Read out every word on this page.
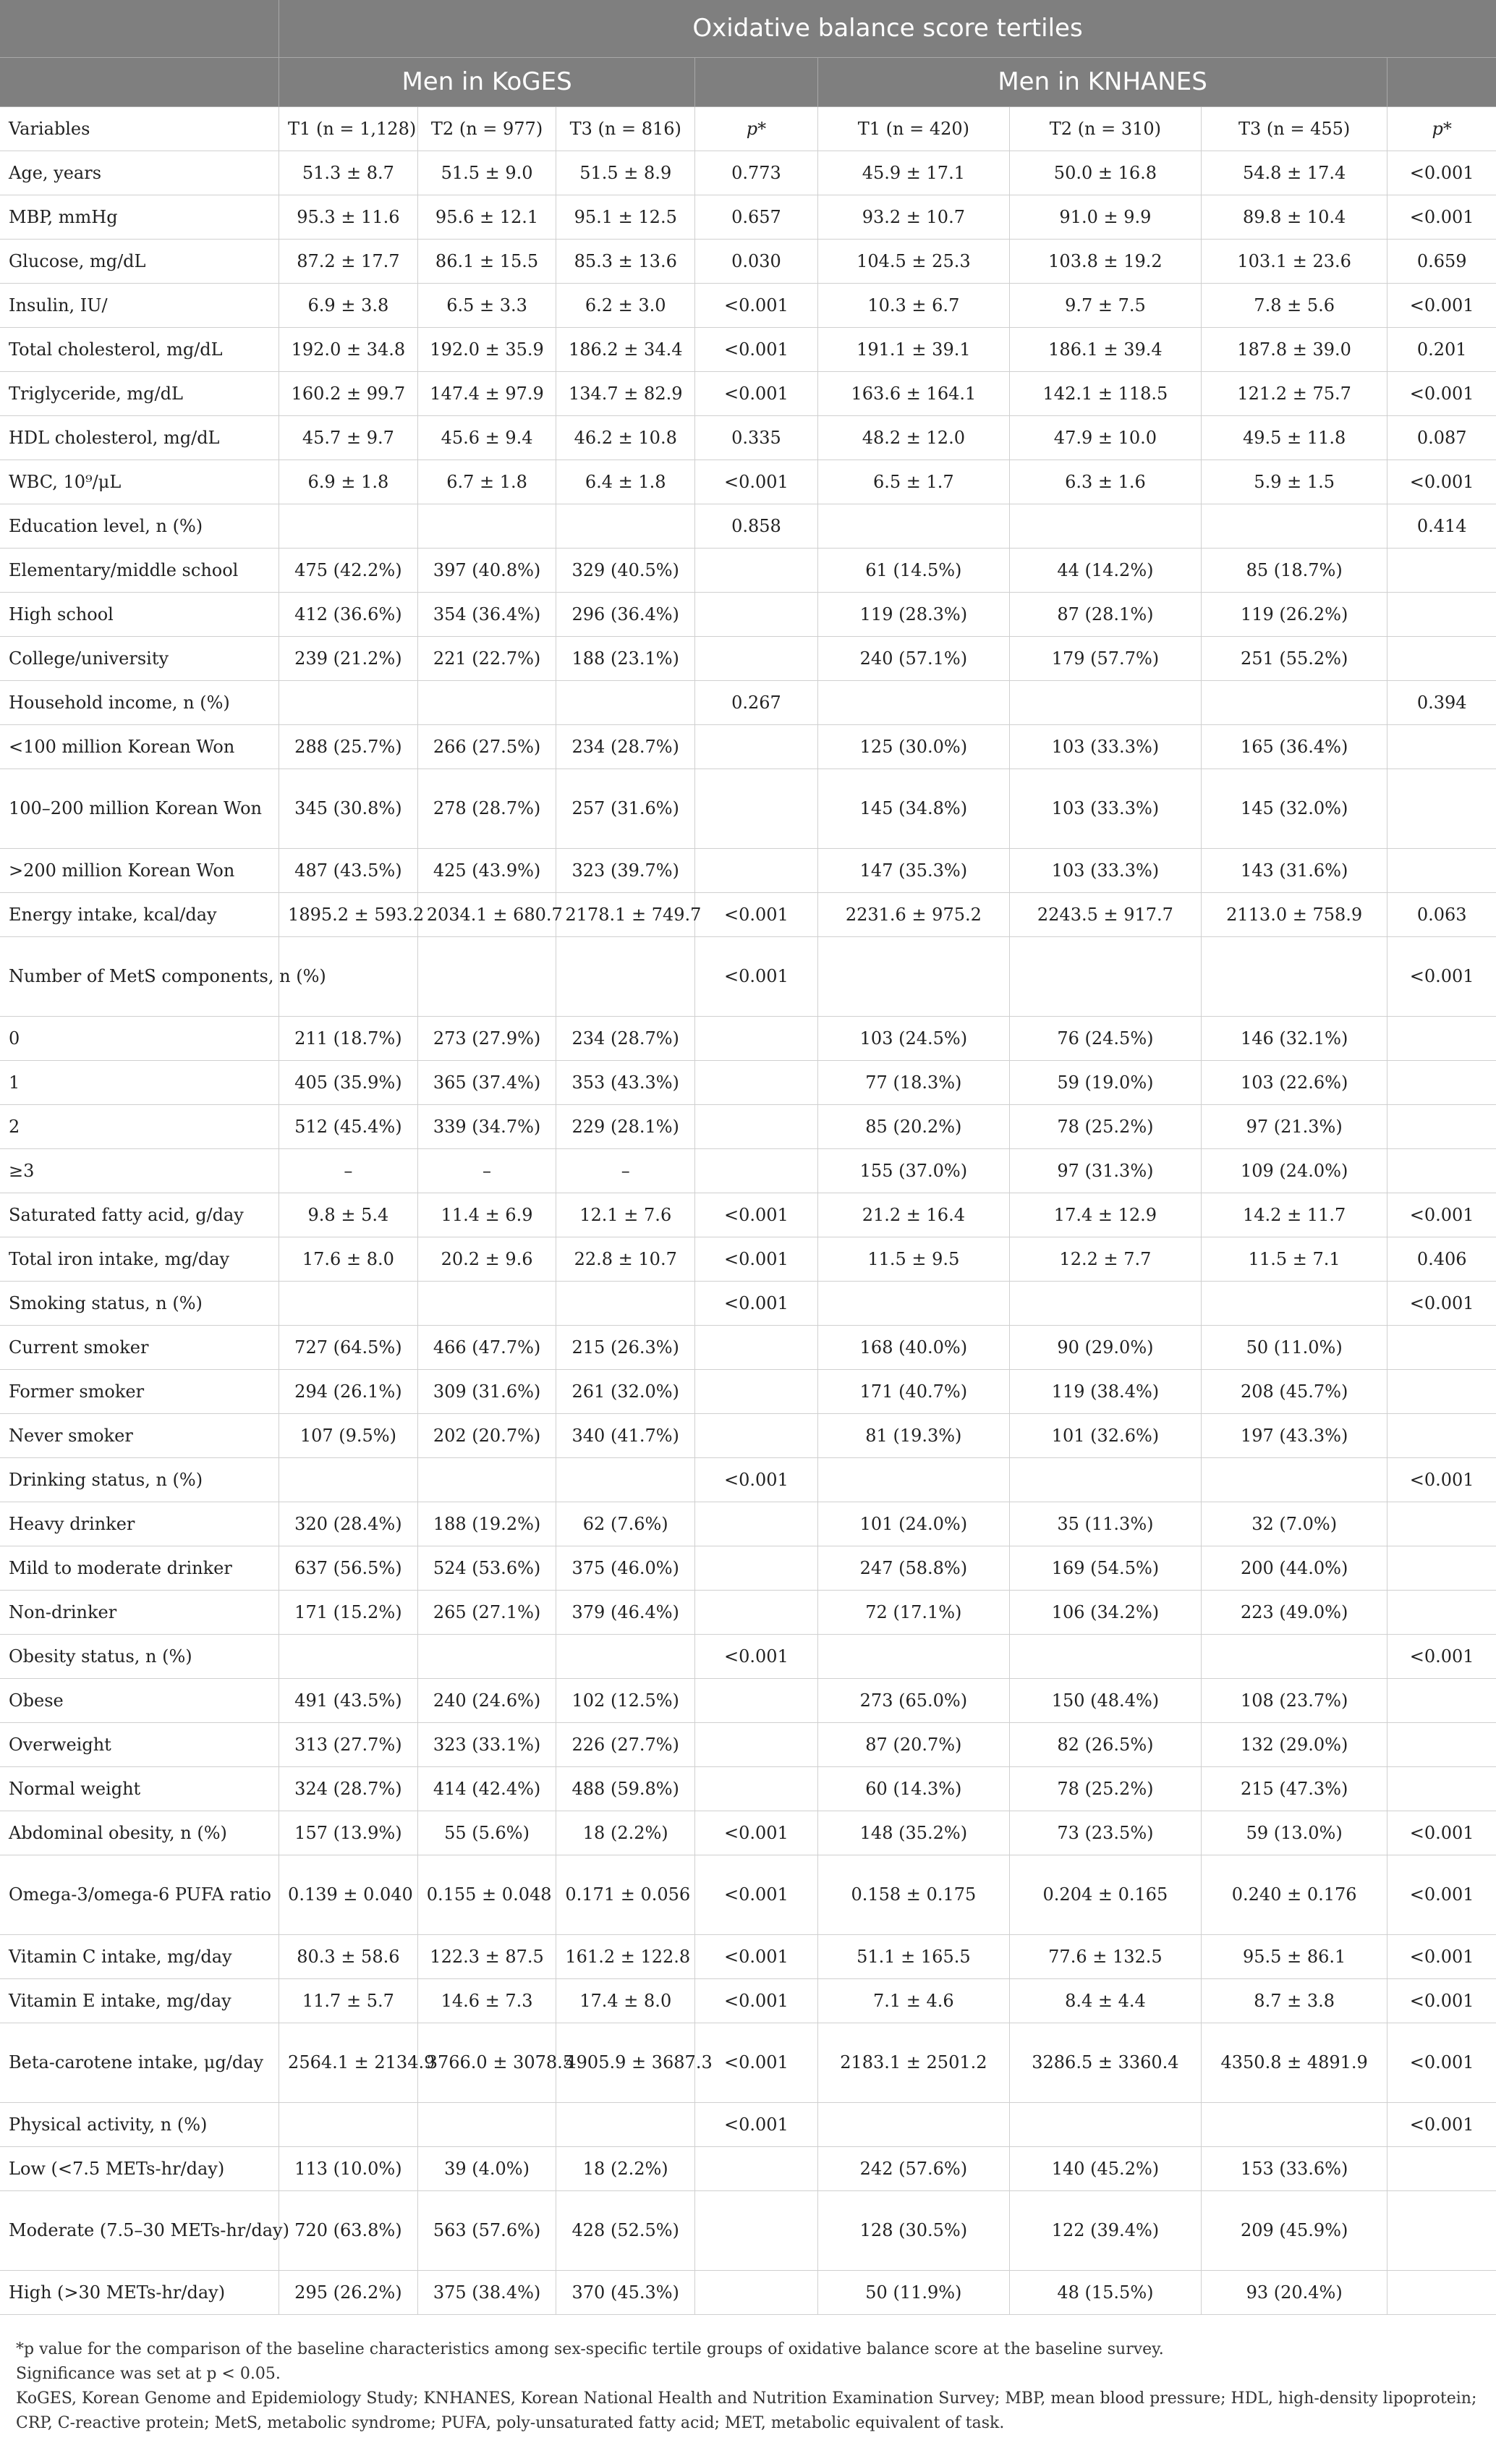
	Oxidative balance score tertiles							
	Men in KoGES				Men in KNHANES			
Variables	T1 (n = 1,128)	T2 (n = 977)	T3 (n = 816)	p*	T1 (n = 420)	T2 (n = 310)	T3 (n = 455)	p*
Age, years	51.3 ± 8.7	51.5 ± 9.0	51.5 ± 8.9	0.773	45.9 ± 17.1	50.0 ± 16.8	54.8 ± 17.4	<0.001
MBP, mmHg	95.3 ± 11.6	95.6 ± 12.1	95.1 ± 12.5	0.657	93.2 ± 10.7	91.0 ± 9.9	89.8 ± 10.4	<0.001
Glucose, mg/dL	87.2 ± 17.7	86.1 ± 15.5	85.3 ± 13.6	0.030	104.5 ± 25.3	103.8 ± 19.2	103.1 ± 23.6	0.659
Insulin, IU/	6.9 ± 3.8	6.5 ± 3.3	6.2 ± 3.0	<0.001	10.3 ± 6.7	9.7 ± 7.5	7.8 ± 5.6	<0.001
Total cholesterol, mg/dL	192.0 ± 34.8	192.0 ± 35.9	186.2 ± 34.4	<0.001	191.1 ± 39.1	186.1 ± 39.4	187.8 ± 39.0	0.201
Triglyceride, mg/dL	160.2 ± 99.7	147.4 ± 97.9	134.7 ± 82.9	<0.001	163.6 ± 164.1	142.1 ± 118.5	121.2 ± 75.7	<0.001
HDL cholesterol, mg/dL	45.7 ± 9.7	45.6 ± 9.4	46.2 ± 10.8	0.335	48.2 ± 12.0	47.9 ± 10.0	49.5 ± 11.8	0.087
WBC, 10⁹/μL	6.9 ± 1.8	6.7 ± 1.8	6.4 ± 1.8	<0.001	6.5 ± 1.7	6.3 ± 1.6	5.9 ± 1.5	<0.001
Education level, n (%)				0.858				0.414
Elementary/middle school	475 (42.2%)	397 (40.8%)	329 (40.5%)		61 (14.5%)	44 (14.2%)	85 (18.7%)	
High school	412 (36.6%)	354 (36.4%)	296 (36.4%)		119 (28.3%)	87 (28.1%)	119 (26.2%)	
College/university	239 (21.2%)	221 (22.7%)	188 (23.1%)		240 (57.1%)	179 (57.7%)	251 (55.2%)	
Household income, n (%)				0.267				0.394
<100 million Korean Won	288 (25.7%)	266 (27.5%)	234 (28.7%)		125 (30.0%)	103 (33.3%)	165 (36.4%)	
100–200 million Korean Won	345 (30.8%)	278 (28.7%)	257 (31.6%)		145 (34.8%)	103 (33.3%)	145 (32.0%)	
>200 million Korean Won	487 (43.5%)	425 (43.9%)	323 (39.7%)		147 (35.3%)	103 (33.3%)	143 (31.6%)	
Energy intake, kcal/day	1895.2 ± 593.2	2034.1 ± 680.7	2178.1 ± 749.7	<0.001	2231.6 ± 975.2	2243.5 ± 917.7	2113.0 ± 758.9	0.063
Number of MetS components, n (%)				<0.001				<0.001
0	211 (18.7%)	273 (27.9%)	234 (28.7%)		103 (24.5%)	76 (24.5%)	146 (32.1%)	
1	405 (35.9%)	365 (37.4%)	353 (43.3%)		77 (18.3%)	59 (19.0%)	103 (22.6%)	
2	512 (45.4%)	339 (34.7%)	229 (28.1%)		85 (20.2%)	78 (25.2%)	97 (21.3%)	
≥3	–	–	–		155 (37.0%)	97 (31.3%)	109 (24.0%)	
Saturated fatty acid, g/day	9.8 ± 5.4	11.4 ± 6.9	12.1 ± 7.6	<0.001	21.2 ± 16.4	17.4 ± 12.9	14.2 ± 11.7	<0.001
Total iron intake, mg/day	17.6 ± 8.0	20.2 ± 9.6	22.8 ± 10.7	<0.001	11.5 ± 9.5	12.2 ± 7.7	11.5 ± 7.1	0.406
Smoking status, n (%)				<0.001				<0.001
Current smoker	727 (64.5%)	466 (47.7%)	215 (26.3%)		168 (40.0%)	90 (29.0%)	50 (11.0%)	
Former smoker	294 (26.1%)	309 (31.6%)	261 (32.0%)		171 (40.7%)	119 (38.4%)	208 (45.7%)	
Never smoker	107 (9.5%)	202 (20.7%)	340 (41.7%)		81 (19.3%)	101 (32.6%)	197 (43.3%)	
Drinking status, n (%)				<0.001				<0.001
Heavy drinker	320 (28.4%)	188 (19.2%)	62 (7.6%)		101 (24.0%)	35 (11.3%)	32 (7.0%)	
Mild to moderate drinker	637 (56.5%)	524 (53.6%)	375 (46.0%)		247 (58.8%)	169 (54.5%)	200 (44.0%)	
Non-drinker	171 (15.2%)	265 (27.1%)	379 (46.4%)		72 (17.1%)	106 (34.2%)	223 (49.0%)	
Obesity status, n (%)				<0.001				<0.001
Obese	491 (43.5%)	240 (24.6%)	102 (12.5%)		273 (65.0%)	150 (48.4%)	108 (23.7%)	
Overweight	313 (27.7%)	323 (33.1%)	226 (27.7%)		87 (20.7%)	82 (26.5%)	132 (29.0%)	
Normal weight	324 (28.7%)	414 (42.4%)	488 (59.8%)		60 (14.3%)	78 (25.2%)	215 (47.3%)	
Abdominal obesity, n (%)	157 (13.9%)	55 (5.6%)	18 (2.2%)	<0.001	148 (35.2%)	73 (23.5%)	59 (13.0%)	<0.001
Omega-3/omega-6 PUFA ratio	0.139 ± 0.040	0.155 ± 0.048	0.171 ± 0.056	<0.001	0.158 ± 0.175	0.204 ± 0.165	0.240 ± 0.176	<0.001
Vitamin C intake, mg/day	80.3 ± 58.6	122.3 ± 87.5	161.2 ± 122.8	<0.001	51.1 ± 165.5	77.6 ± 132.5	95.5 ± 86.1	<0.001
Vitamin E intake, mg/day	11.7 ± 5.7	14.6 ± 7.3	17.4 ± 8.0	<0.001	7.1 ± 4.6	8.4 ± 4.4	8.7 ± 3.8	<0.001
Beta-carotene intake, μg/day	2564.1 ± 2134.9	3766.0 ± 3078.5	4905.9 ± 3687.3	<0.001	2183.1 ± 2501.2	3286.5 ± 3360.4	4350.8 ± 4891.9	<0.001
Physical activity, n (%)				<0.001				<0.001
Low (<7.5 METs-hr/day)	113 (10.0%)	39 (4.0%)	18 (2.2%)		242 (57.6%)	140 (45.2%)	153 (33.6%)	
Moderate (7.5–30 METs-hr/day)	720 (63.8%)	563 (57.6%)	428 (52.5%)		128 (30.5%)	122 (39.4%)	209 (45.9%)	
High (>30 METs-hr/day)	295 (26.2%)	375 (38.4%)	370 (45.3%)		50 (11.9%)	48 (15.5%)	93 (20.4%)	

*p value for the comparison of the baseline characteristics among sex-specific tertile groups of oxidative balance score at the baseline survey.

Significance was set at p < 0.05.

KoGES, Korean Genome and Epidemiology Study; KNHANES, Korean National Health and Nutrition Examination Survey; MBP, mean blood pressure; HDL, high-density lipoprotein; CRP, C-reactive protein; MetS, metabolic syndrome; PUFA, poly-unsaturated fatty acid; MET, metabolic equivalent of task.
